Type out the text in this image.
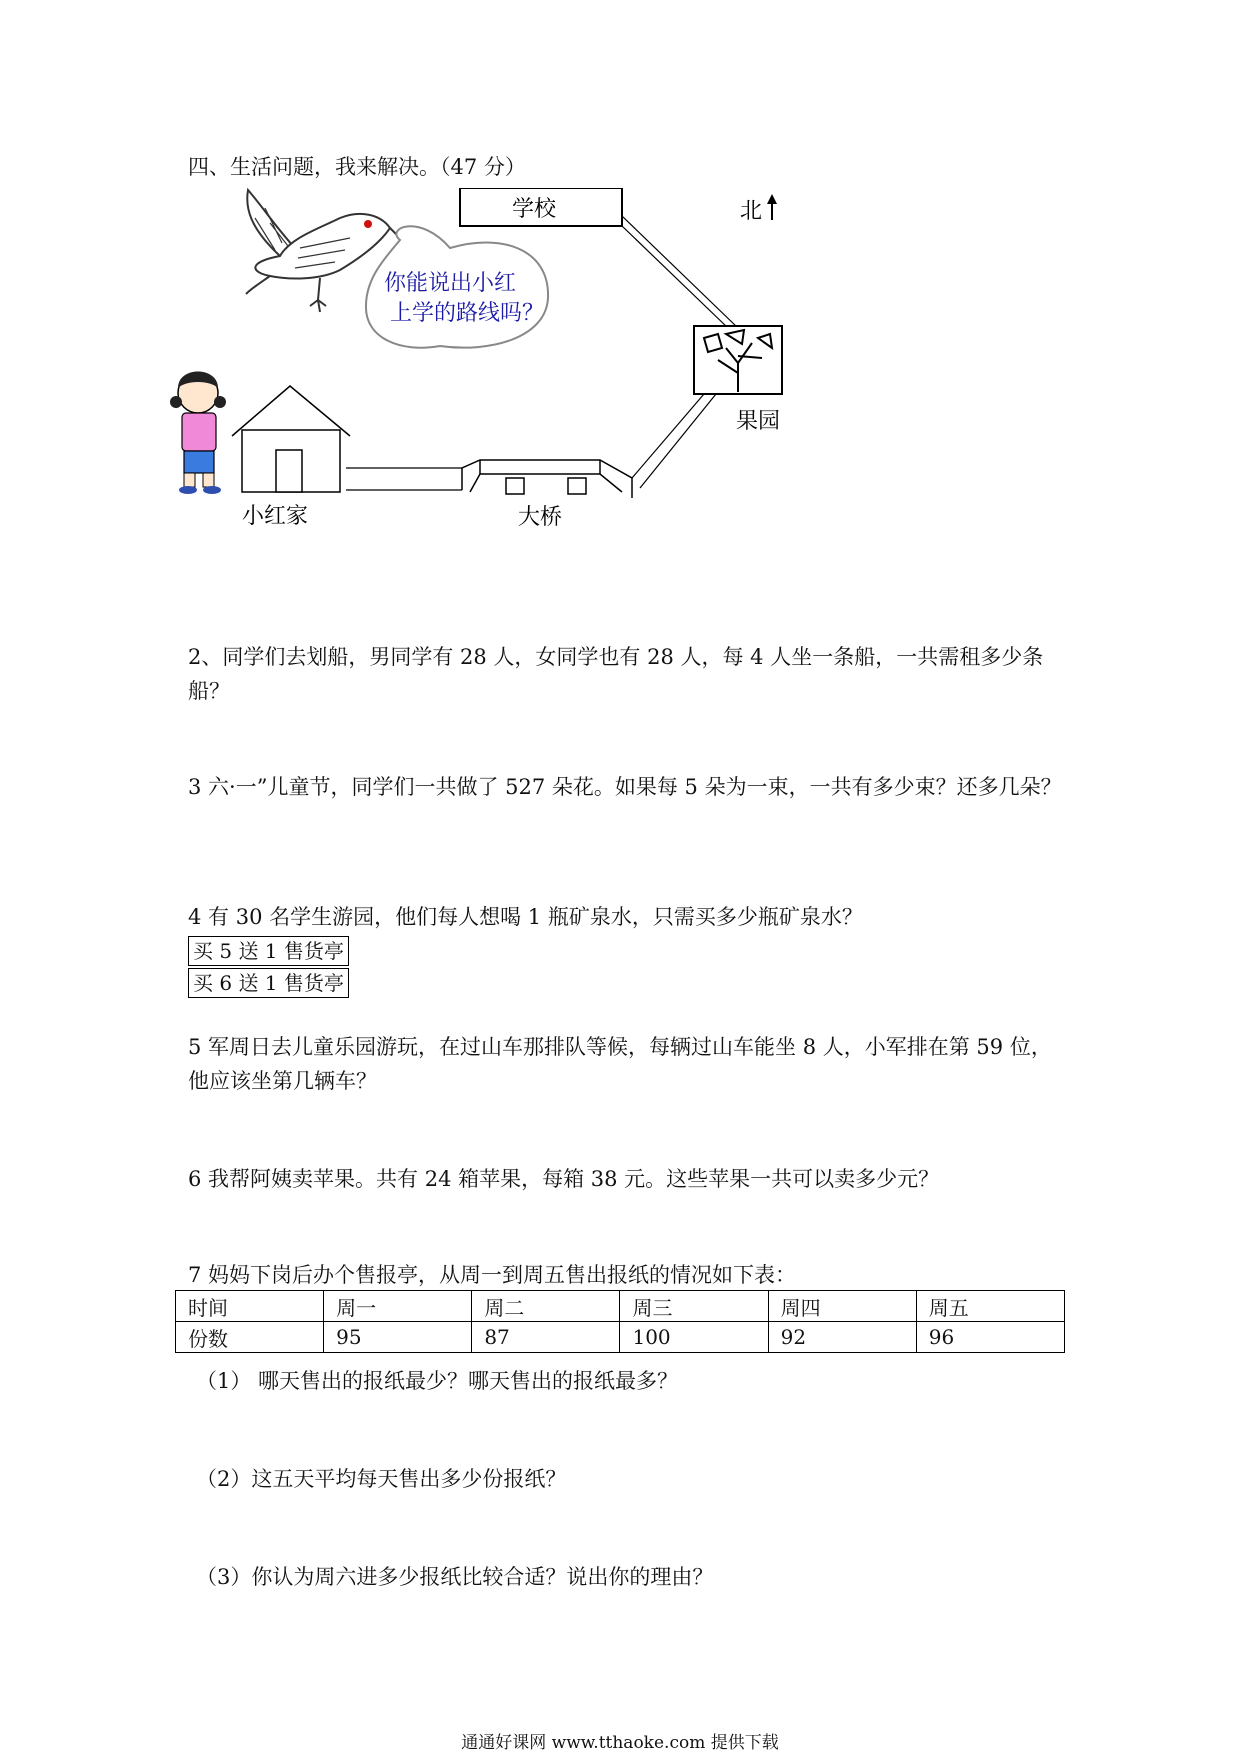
四、生活问题，我来解决。（47 分）
你能说出小红
上学的路线吗？
学校	北
果园
小红家	大桥

2、同学们去划船，男同学有 28 人，女同学也有 28 人，每 4 人坐一条船，一共需租多少条船？

3 六·一”儿童节，同学们一共做了 527 朵花。如果每 5 朵为一束，一共有多少束？还多几朵？

4 有 30 名学生游园，他们每人想喝 1 瓶矿泉水，只需买多少瓶矿泉水？

买 5 送 1 售货亭
买 6 送 1 售货亭

5 军周日去儿童乐园游玩，在过山车那排队等候，每辆过山车能坐 8 人，小军排在第 59 位，他应该坐第几辆车？

6 我帮阿姨卖苹果。共有 24 箱苹果，每箱 38 元。这些苹果一共可以卖多少元？

7 妈妈下岗后办个售报亭，从周一到周五售出报纸的情况如下表：

时间	周一	周二	周三	周四	周五
份数	95	87	100	92	96

（1） 哪天售出的报纸最少？哪天售出的报纸最多？

（2）这五天平均每天售出多少份报纸？

（3）你认为周六进多少报纸比较合适？说出你的理由？

通通好课网 www.tthaoke.com 提供下载
